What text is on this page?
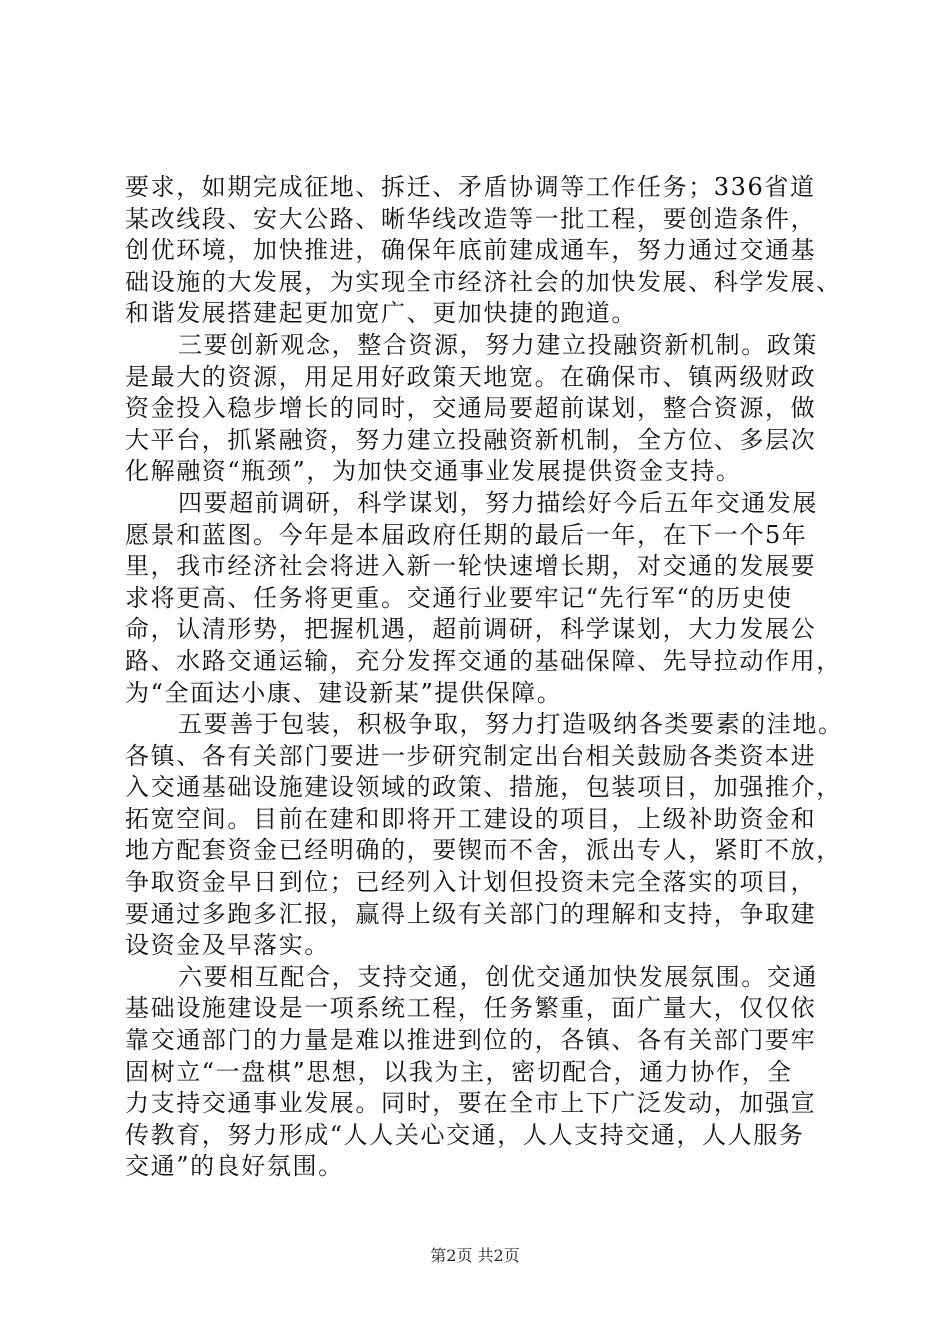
要求，如期完成征地、拆迁、矛盾协调等工作任务；336省道
某改线段、安大公路、晰华线改造等一批工程，要创造条件，
创优环境，加快推进，确保年底前建成通车，努力通过交通基
础设施的大发展，为实现全市经济社会的加快发展、科学发展、
和谐发展搭建起更加宽广、更加快捷的跑道。
三要创新观念，整合资源，努力建立投融资新机制。政策
是最大的资源，用足用好政策天地宽。在确保市、镇两级财政
资金投入稳步增长的同时，交通局要超前谋划，整合资源，做
大平台，抓紧融资，努力建立投融资新机制，全方位、多层次
化解融资“瓶颈”，为加快交通事业发展提供资金支持。
四要超前调研，科学谋划，努力描绘好今后五年交通发展
愿景和蓝图。今年是本届政府任期的最后一年，在下一个5年
里，我市经济社会将进入新一轮快速增长期，对交通的发展要
求将更高、任务将更重。交通行业要牢记“先行军“的历史使
命，认清形势，把握机遇，超前调研，科学谋划，大力发展公
路、水路交通运输，充分发挥交通的基础保障、先导拉动作用，
为“全面达小康、建设新某”提供保障。
五要善于包装，积极争取，努力打造吸纳各类要素的洼地。
各镇、各有关部门要进一步研究制定出台相关鼓励各类资本进
入交通基础设施建设领域的政策、措施，包装项目，加强推介，
拓宽空间。目前在建和即将开工建设的项目，上级补助资金和
地方配套资金已经明确的，要锲而不舍，派出专人，紧盯不放，
争取资金早日到位；已经列入计划但投资未完全落实的项目，
要通过多跑多汇报，赢得上级有关部门的理解和支持，争取建
设资金及早落实。
六要相互配合，支持交通，创优交通加快发展氛围。交通
基础设施建设是一项系统工程，任务繁重，面广量大，仅仅依
靠交通部门的力量是难以推进到位的，各镇、各有关部门要牢
固树立“一盘棋”思想，以我为主，密切配合，通力协作，全
力支持交通事业发展。同时，要在全市上下广泛发动，加强宣
传教育，努力形成“人人关心交通，人人支持交通，人人服务
交通”的良好氛围。
第2页 共2页
